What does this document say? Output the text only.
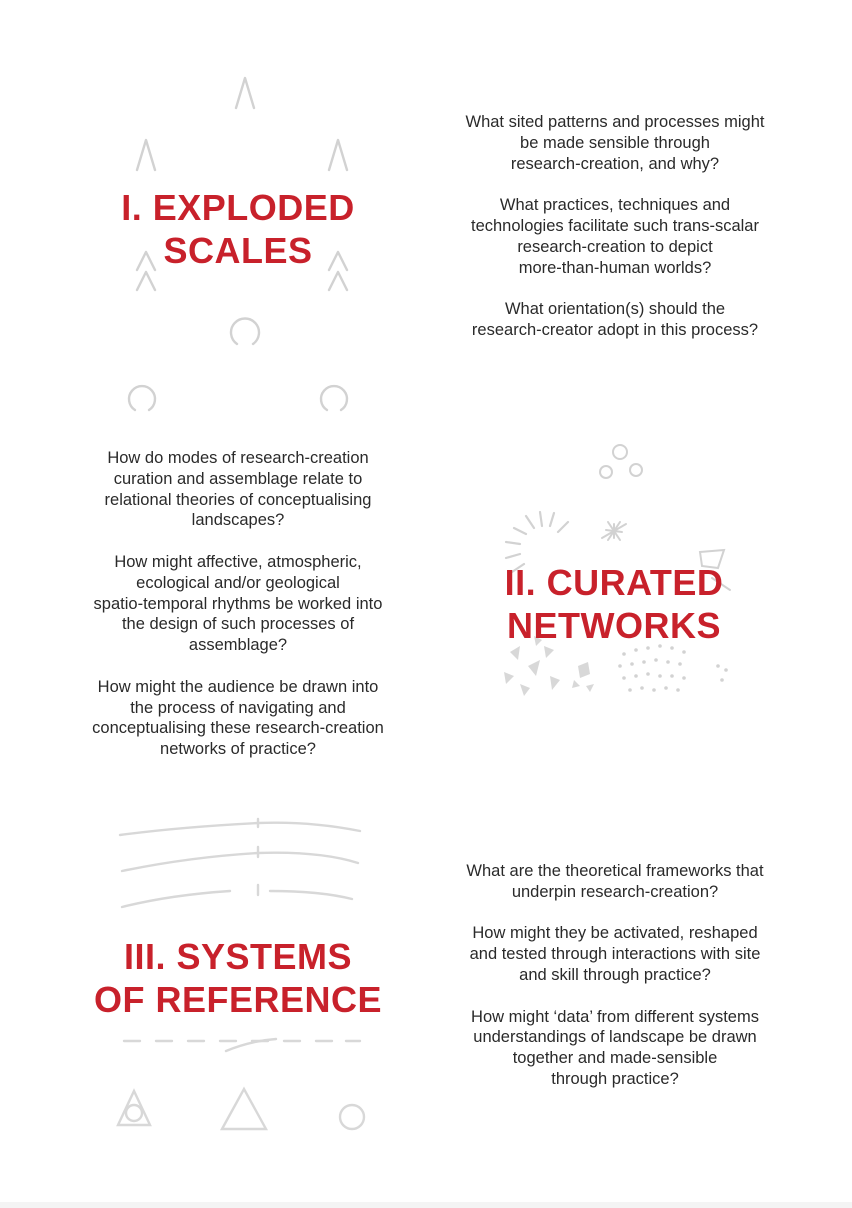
I. EXPLODED
SCALES
II. CURATED
NETWORKS
III. SYSTEMS
OF REFERENCE

What sited patterns and processes might
be made sensible through
research-creation, and why?

What practices, techniques and
technologies facilitate such trans-scalar
research-creation to depict
more-than-human worlds?

What orientation(s) should the
research-creator adopt in this process?

How do modes of research-creation
curation and assemblage relate to
relational theories of conceptualising
landscapes?

How might affective, atmospheric,
ecological and/or geological
spatio-temporal rhythms be worked into
the design of such processes of
assemblage?

How might the audience be drawn into
the process of navigating and
conceptualising these research-creation
networks of practice?

What are the theoretical frameworks that
underpin research-creation?

How might they be activated, reshaped
and tested through interactions with site
and skill through practice?

How might ‘data’ from different systems
understandings of landscape be drawn
together and made-sensible
through practice?
